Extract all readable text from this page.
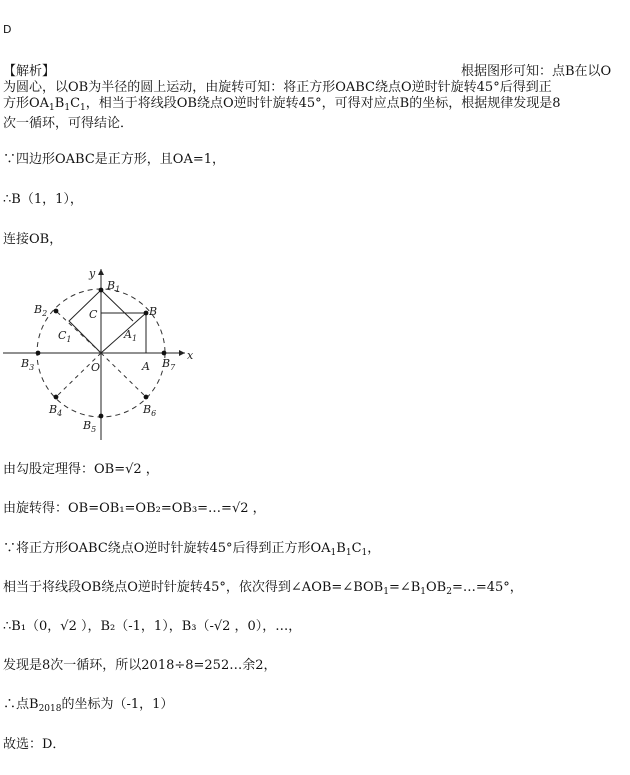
D
【解析】	根据图形可知：点B在以O
为圆心，以OB为半径的圆上运动，由旋转可知：将正方形OABC绕点O逆时针旋转45°后得到正
方形$OA_1B_1C_1$，相当于将线段OB绕点O逆时针旋转45°，可得对应点B的坐标，根据规律发现是8
次一循环，可得结论．
∵四边形OABC是正方形，且OA=1，
∴B（1，1），
连接OB，
y
x
O	A
B
C
$A_1$
$C_1$
$B_1$
$B_2$
$B_3$
$B_4$
$B_5$
$B_6$
$B_7$
由勾股定理得：OB=√2 ，
由旋转得：OB=OB₁=OB₂=OB₃=…=√2 ，
∵将正方形OABC绕点O逆时针旋转45°后得到正方形$OA_1B_1C_1$，
相当于将线段OB绕点O逆时针旋转45°，依次得到$\angle AOB=\angle BOB_1=\angle B_1OB_2=\dots=45^\circ$，
∴B₁（0，√2 ），B₂（-1，1），B₃（-√2 ，0），…，
发现是8次一循环，所以2018÷8=252…余2，
∴点$B_{2018}$的坐标为（-1，1）
故选：D．
